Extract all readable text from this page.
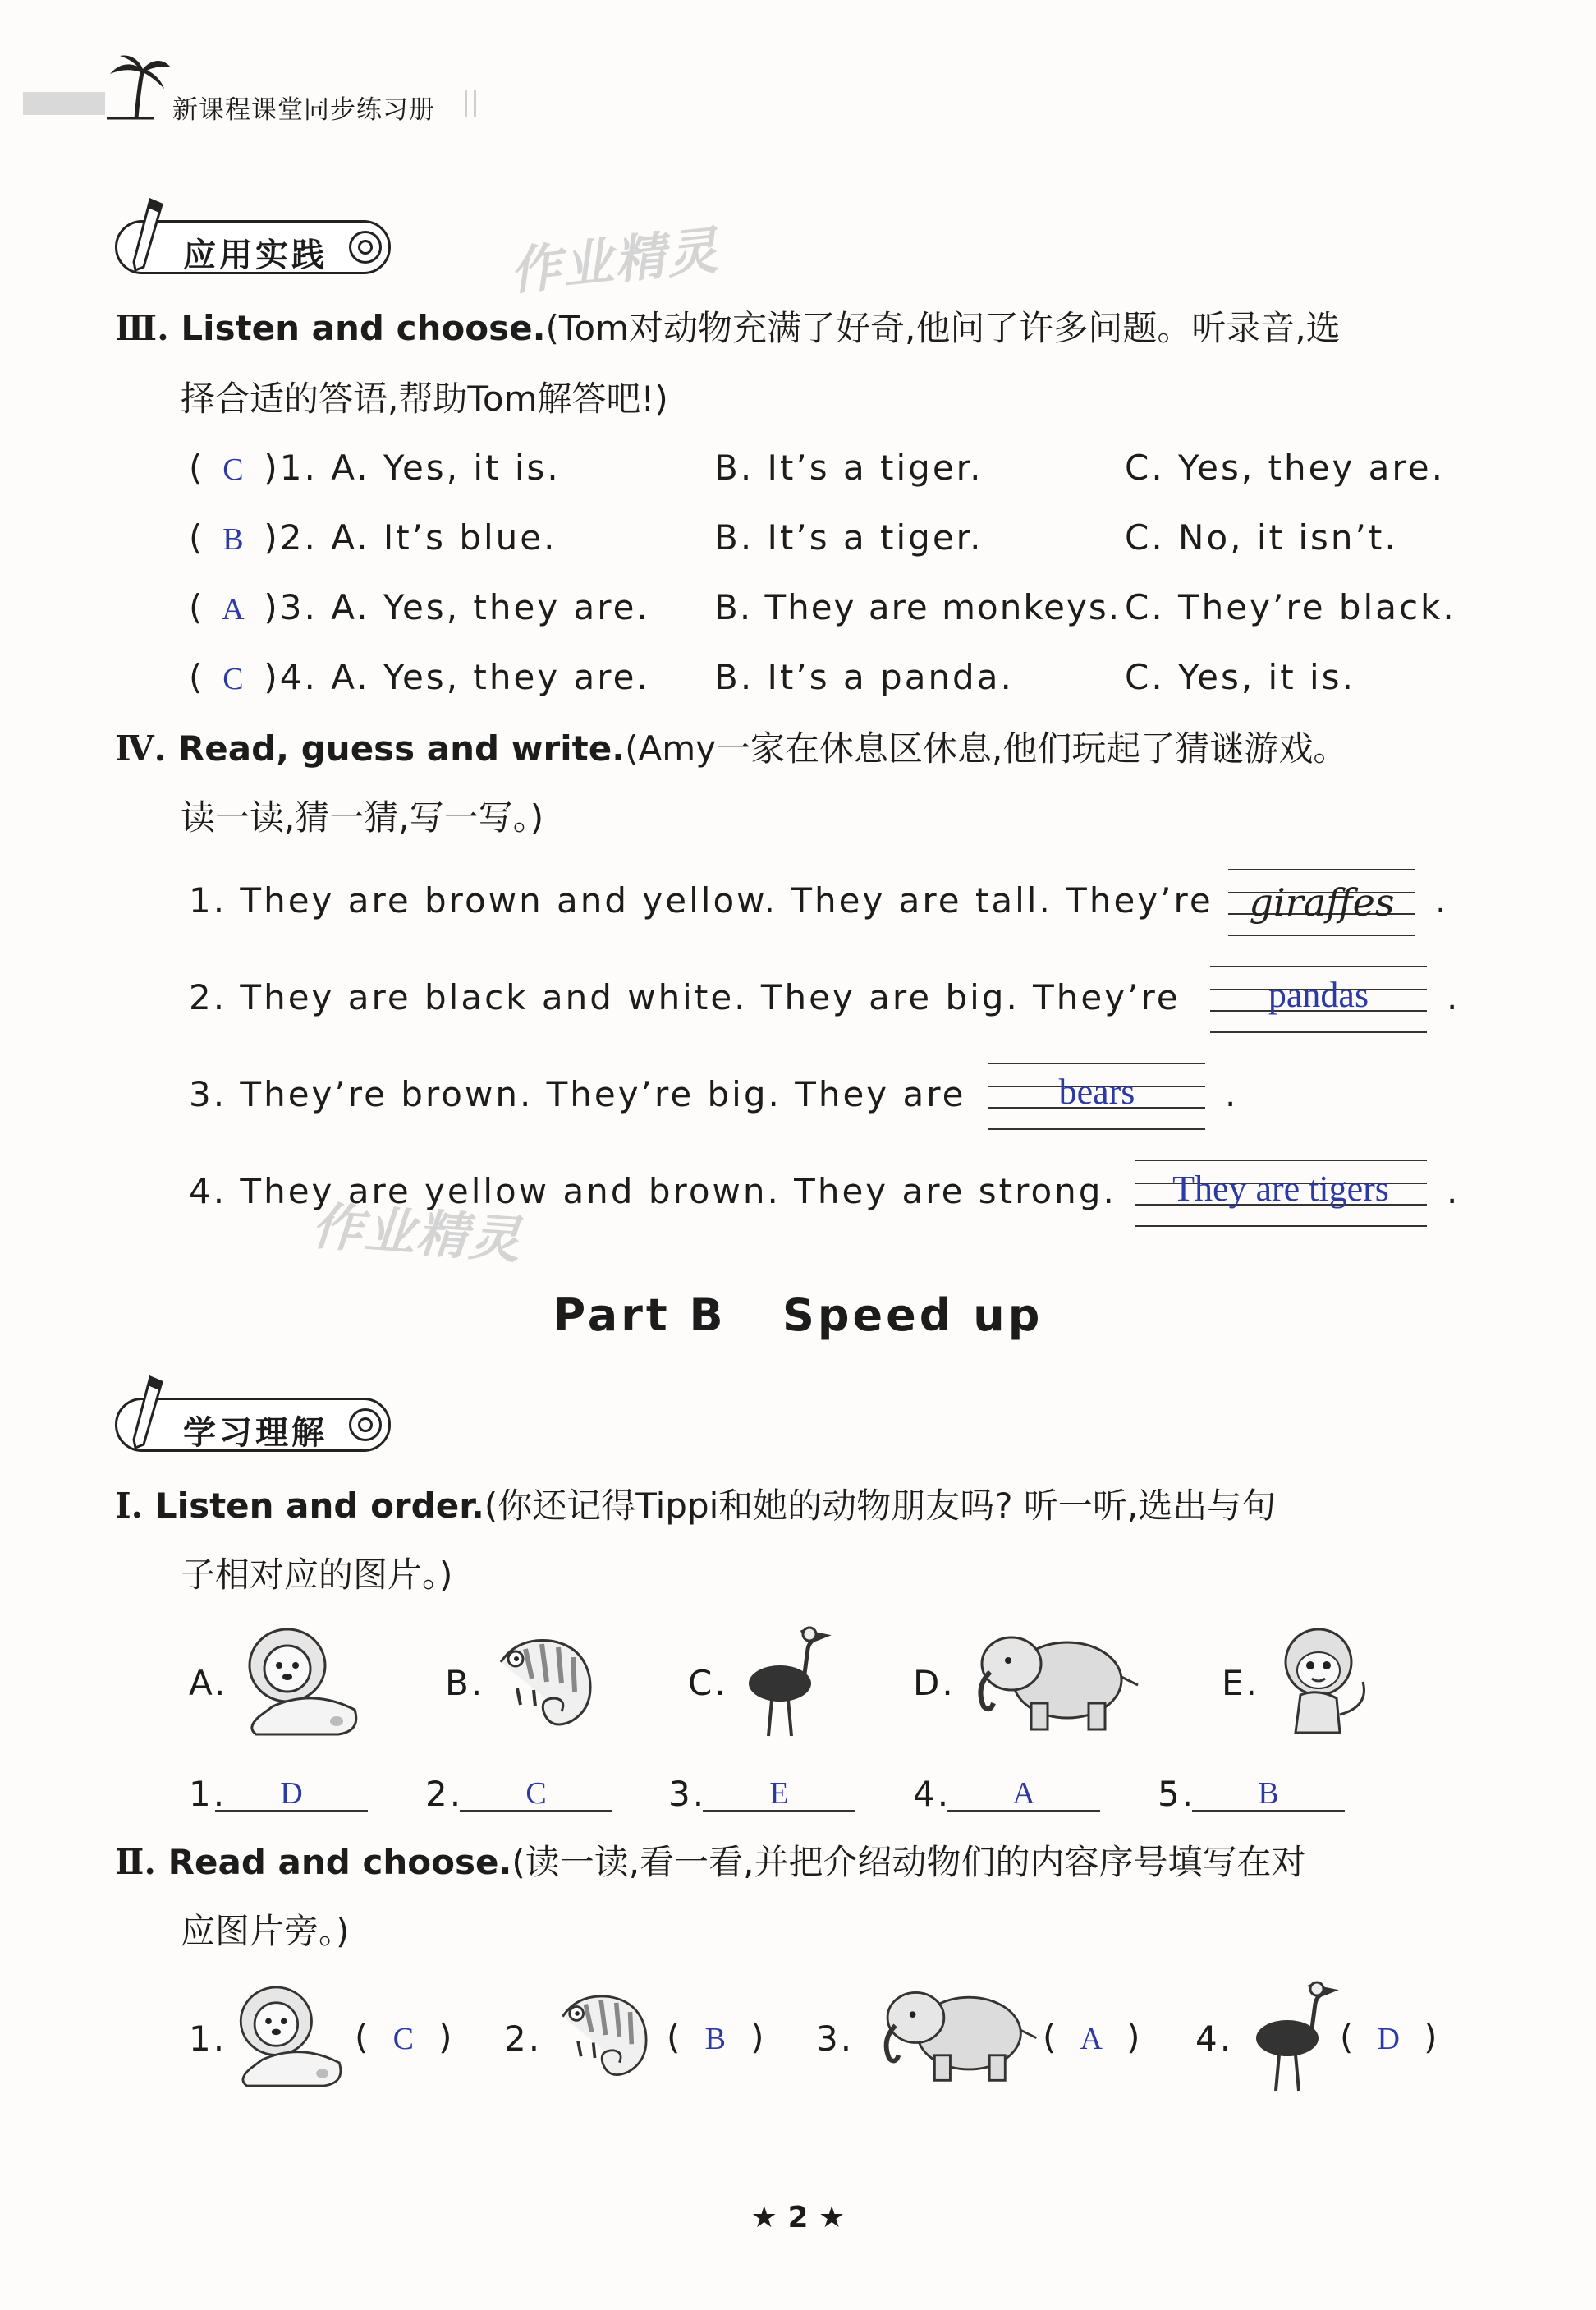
新课程课堂同步练习册
应用实践	作业精灵
Ⅲ. Listen and choose.(Tom对动物充满了好奇,他问了许多问题。听录音,选
择合适的答语,帮助Tom解答吧!)
( C )1. A. Yes, it is.	B. It’s a tiger.	C. Yes, they are.
( B )2. A. It’s blue.	B. It’s a tiger.	C. No, it isn’t.
( A )3. A. Yes, they are. B. They are monkeys. C. They’re black.
( C )4. A. Yes, they are. B. It’s a panda.	C. Yes, it is.
Ⅳ. Read, guess and write.(Amy一家在休息区休息,他们玩起了猜谜游戏。
读一读,猜一猜,写一写。)
1. They are brown and yellow. They are tall. They’re giraffes	.
2. They are black and white. They are big. They’re	pandas	.
3. They’re brown. They’re big. They are	bears	.
4. They are yellow and brown. They are strong.	They are tigers	.
作业精灵
Part B   Speed up
学习理解
Ⅰ. Listen and order.(你还记得Tippi和她的动物朋友吗? 听一听,选出与句
子相对应的图片。)
A.	B.	C.	D.	E.
1.	D	2.	C	3.	E	4.	A	5.	B
Ⅱ. Read and choose.(读一读,看一看,并把介绍动物们的内容序号填写在对
应图片旁。)
1.	( C ) 2.	( B ) 3.	( A ) 4.	( D )
★ 2 ★
